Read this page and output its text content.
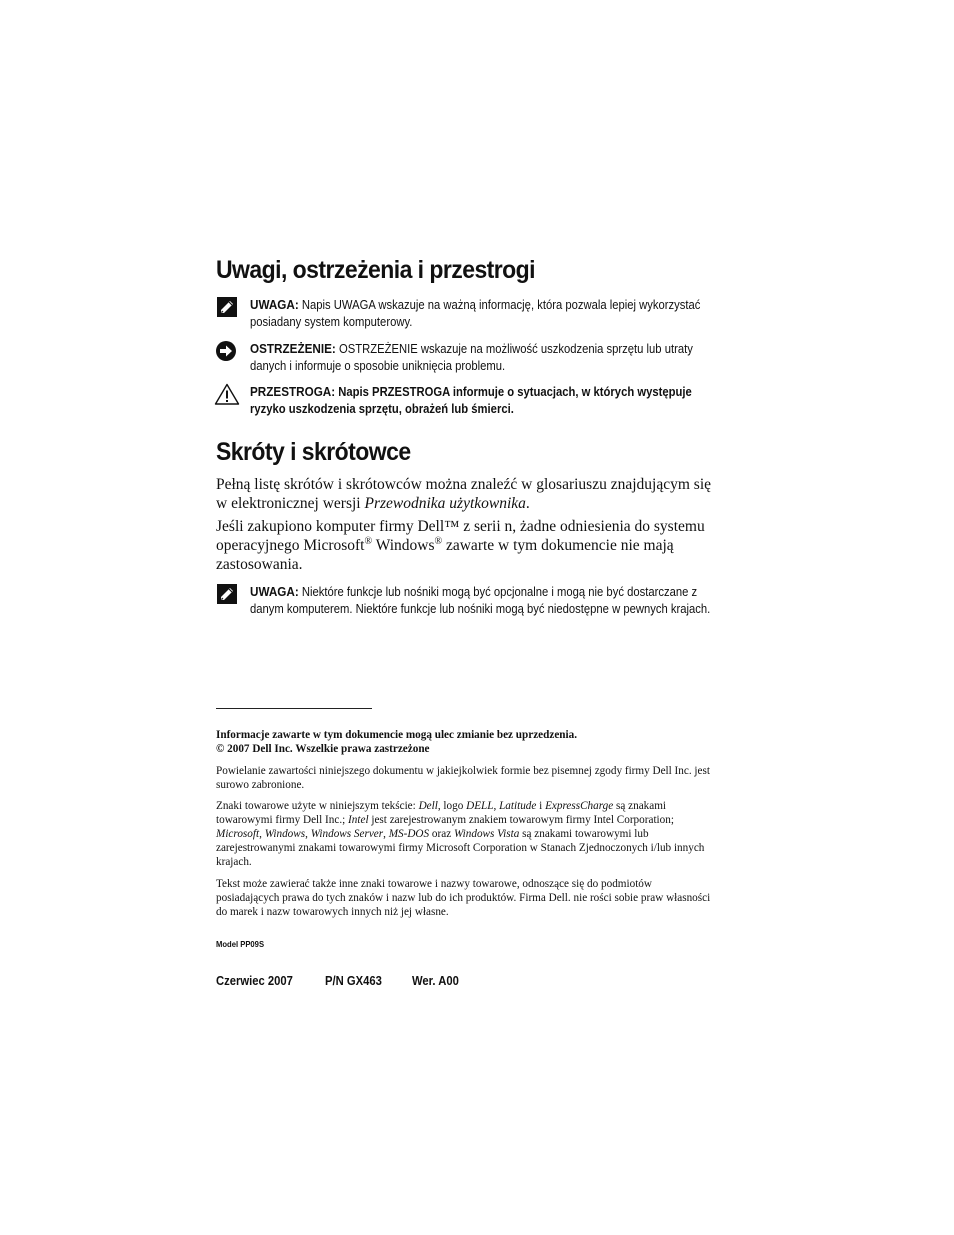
Uwagi, ostrzeżenia i przestrogi
UWAGA: Napis UWAGA wskazuje na ważną informację, która pozwala lepiej wykorzystać posiadany system komputerowy.
OSTRZEŻENIE: OSTRZEŻENIE wskazuje na możliwość uszkodzenia sprzętu lub utraty danych i informuje o sposobie uniknięcia problemu.
PRZESTROGA: Napis PRZESTROGA informuje o sytuacjach, w których występuje ryzyko uszkodzenia sprzętu, obrażeń lub śmierci.
Skróty i skrótowce

Pełną listę skrótów i skrótowców można znaleźć w glosariuszu znajdującym się w elektronicznej wersji Przewodnika użytkownika.

Jeśli zakupiono komputer firmy Dell™ z serii n, żadne odniesienia do systemu operacyjnego Microsoft® Windows® zawarte w tym dokumencie nie mają zastosowania.

UWAGA: Niektóre funkcje lub nośniki mogą być opcjonalne i mogą nie być dostarczane z danym komputerem. Niektóre funkcje lub nośniki mogą być niedostępne w pewnych krajach.

Informacje zawarte w tym dokumencie mogą ulec zmianie bez uprzedzenia.
© 2007 Dell Inc. Wszelkie prawa zastrzeżone

Powielanie zawartości niniejszego dokumentu w jakiejkolwiek formie bez pisemnej zgody firmy Dell Inc. jest surowo zabronione.

Znaki towarowe użyte w niniejszym tekście: Dell, logo DELL, Latitude i ExpressCharge są znakami towarowymi firmy Dell Inc.; Intel jest zarejestrowanym znakiem towarowym firmy Intel Corporation; Microsoft, Windows, Windows Server, MS-DOS oraz Windows Vista są znakami towarowymi lub zarejestrowanymi znakami towarowymi firmy Microsoft Corporation w Stanach Zjednoczonych i/lub innych krajach.

Tekst może zawierać także inne znaki towarowe i nazwy towarowe, odnoszące się do podmiotów posiadających prawa do tych znaków i nazw lub do ich produktów. Firma Dell. nie rości sobie praw własności do marek i nazw towarowych innych niż jej własne.

Model PP09S
Czerwiec 2007	P/N GX463 Wer. A00
